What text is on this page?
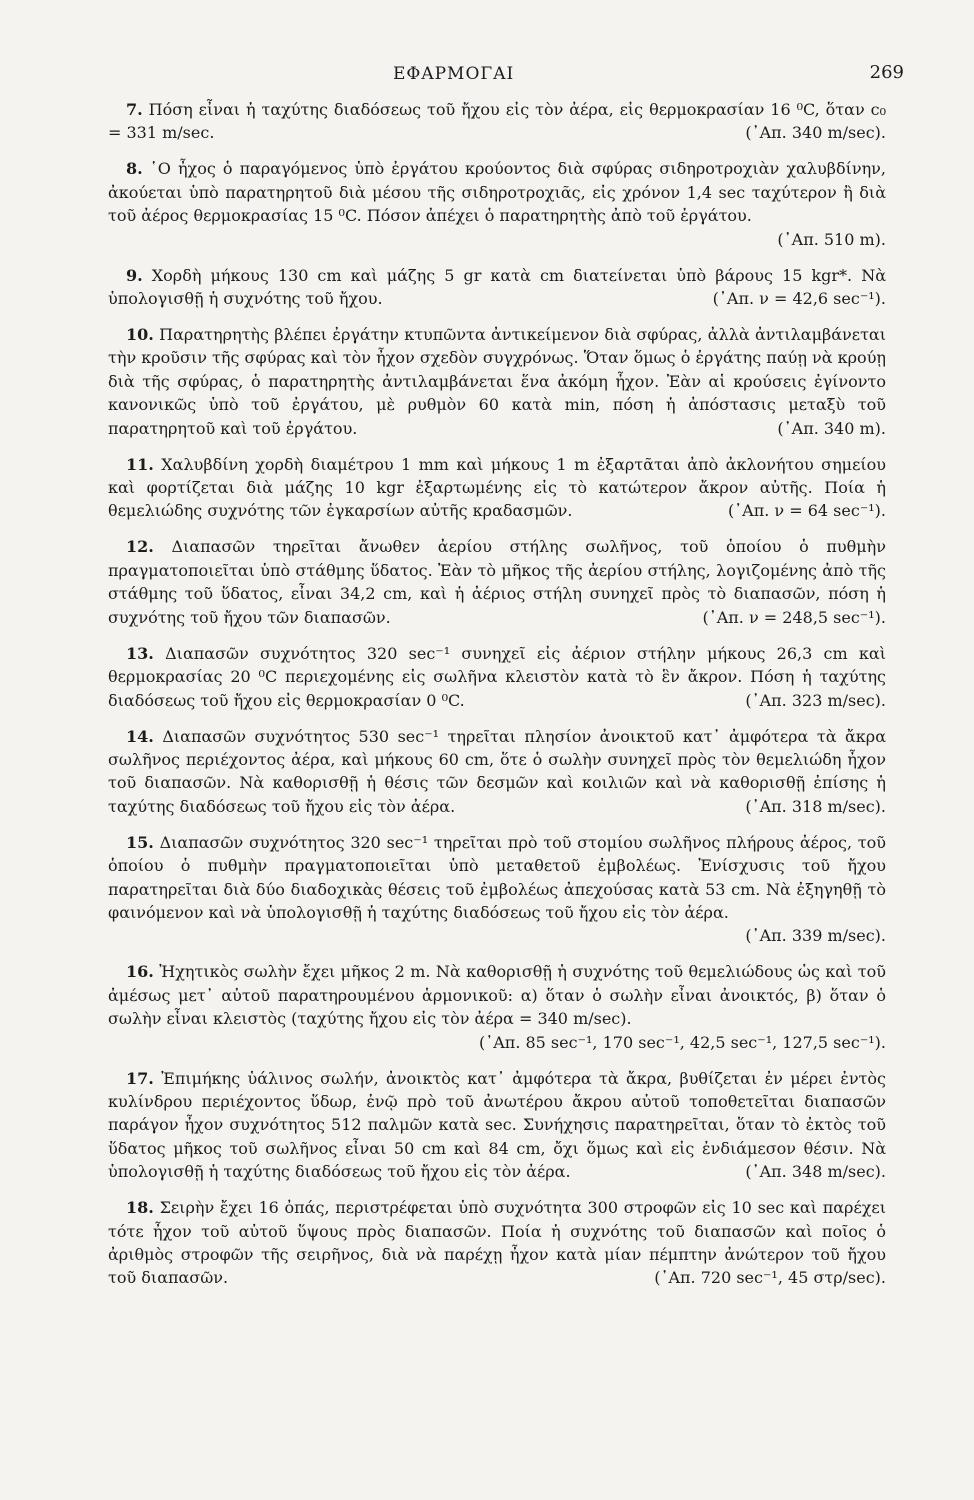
ΕΦΑΡΜΟΓΑΙ	269
7. Πόση εἶναι ἡ ταχύτης διαδόσεως τοῦ ἤχου εἰς τὸν ἀέρα, εἰς θερμοκρασίαν 16 ⁰C, ὅταν c₀ = 331 m/sec.	(᾽Απ. 340 m/sec).
8. ῾Ο ἦχος ὁ παραγόμενος ὑπὸ ἐργάτου κρούοντος διὰ σφύρας σιδηροτροχιὰν χαλυβδίνην, ἀκούεται ὑπὸ παρατηρητοῦ διὰ μέσου τῆς σιδηροτροχιᾶς, εἰς χρόνον 1,4 sec ταχύτερον ἢ διὰ τοῦ ἀέρος θερμοκρασίας 15 ⁰C. Πόσον ἀπέχει ὁ παρατηρητὴς ἀπὸ τοῦ ἐργάτου.
(᾽Απ. 510 m).
9. Χορδὴ μήκους 130 cm καὶ μάζης 5 gr κατὰ cm διατείνεται ὑπὸ βάρους 15 kgr*. Νὰ ὑπολογισθῇ ἡ συχνότης τοῦ ἤχου.	(᾽Απ. ν = 42,6 sec⁻¹).
10. Παρατηρητὴς βλέπει ἐργάτην κτυπῶντα ἀντικείμενον διὰ σφύρας, ἀλλὰ ἀντιλαμβάνεται τὴν κροῦσιν τῆς σφύρας καὶ τὸν ἦχον σχεδὸν συγχρόνως. Ὅταν ὅμως ὁ ἐργάτης παύῃ νὰ κρούῃ διὰ τῆς σφύρας, ὁ παρατηρητὴς ἀντιλαμβάνεται ἕνα ἀκόμη ἦχον. Ἐὰν αἱ κρούσεις ἐγίνοντο κανονικῶς ὑπὸ τοῦ ἐργάτου, μὲ ρυθμὸν 60 κατὰ min, πόση ἡ ἀπόστασις μεταξὺ τοῦ παρατηρητοῦ καὶ τοῦ ἐργάτου.	(᾽Απ. 340 m).
11. Χαλυβδίνη χορδὴ διαμέτρου 1 mm καὶ μήκους 1 m ἐξαρτᾶται ἀπὸ ἀκλονήτου σημείου καὶ φορτίζεται διὰ μάζης 10 kgr ἐξαρτωμένης εἰς τὸ κατώτερον ἄκρον αὐτῆς. Ποία ἡ θεμελιώδης συχνότης τῶν ἐγκαρσίων αὐτῆς κραδασμῶν.	(᾽Απ. ν = 64 sec⁻¹).
12. Διαπασῶν τηρεῖται ἄνωθεν ἀερίου στήλης σωλῆνος, τοῦ ὁποίου ὁ πυθμὴν πραγματοποιεῖται ὑπὸ στάθμης ὕδατος. Ἐὰν τὸ μῆκος τῆς ἀερίου στήλης, λογιζομένης ἀπὸ τῆς στάθμης τοῦ ὕδατος, εἶναι 34,2 cm, καὶ ἡ ἀέριος στήλη συνηχεῖ πρὸς τὸ διαπασῶν, πόση ἡ συχνότης τοῦ ἤχου τῶν διαπασῶν.	(᾽Απ. ν = 248,5 sec⁻¹).
13. Διαπασῶν συχνότητος 320 sec⁻¹ συνηχεῖ εἰς ἀέριον στήλην μήκους 26,3 cm καὶ θερμοκρασίας 20 ⁰C περιεχομένης εἰς σωλῆνα κλειστὸν κατὰ τὸ ἓν ἄκρον. Πόση ἡ ταχύτης διαδόσεως τοῦ ἤχου εἰς θερμοκρασίαν 0 ⁰C.	(᾽Απ. 323 m/sec).
14. Διαπασῶν συχνότητος 530 sec⁻¹ τηρεῖται πλησίον ἀνοικτοῦ κατ᾽ ἀμφότερα τὰ ἄκρα σωλῆνος περιέχοντος ἀέρα, καὶ μήκους 60 cm, ὅτε ὁ σωλὴν συνηχεῖ πρὸς τὸν θεμελιώδη ἦχον τοῦ διαπασῶν. Νὰ καθορισθῇ ἡ θέσις τῶν δεσμῶν καὶ κοιλιῶν καὶ νὰ καθορισθῇ ἐπίσης ἡ ταχύτης διαδόσεως τοῦ ἤχου εἰς τὸν ἀέρα.	(᾽Απ. 318 m/sec).
15. Διαπασῶν συχνότητος 320 sec⁻¹ τηρεῖται πρὸ τοῦ στομίου σωλῆνος πλήρους ἀέρος, τοῦ ὁποίου ὁ πυθμὴν πραγματοποιεῖται ὑπὸ μεταθετοῦ ἐμβολέως. Ἐνίσχυσις τοῦ ἤχου παρατηρεῖται διὰ δύο διαδοχικὰς θέσεις τοῦ ἐμβολέως ἀπεχούσας κατὰ 53 cm. Νὰ ἐξηγηθῇ τὸ φαινόμενον καὶ νὰ ὑπολογισθῇ ἡ ταχύτης διαδόσεως τοῦ ἤχου εἰς τὸν ἀέρα.
(᾽Απ. 339 m/sec).
16. Ἠχητικὸς σωλὴν ἔχει μῆκος 2 m. Νὰ καθορισθῇ ἡ συχνότης τοῦ θεμελιώδους ὡς καὶ τοῦ ἀμέσως μετ᾽ αὐτοῦ παρατηρουμένου ἁρμονικοῦ: α) ὅταν ὁ σωλὴν εἶναι ἀνοικτός, β) ὅταν ὁ σωλὴν εἶναι κλειστὸς (ταχύτης ἤχου εἰς τὸν ἀέρα = 340 m/sec).
(᾽Απ. 85 sec⁻¹, 170 sec⁻¹, 42,5 sec⁻¹, 127,5 sec⁻¹).
17. Ἐπιμήκης ὑάλινος σωλήν, ἀνοικτὸς κατ᾽ ἀμφότερα τὰ ἄκρα, βυθίζεται ἐν μέρει ἐντὸς κυλίνδρου περιέχοντος ὕδωρ, ἐνῷ πρὸ τοῦ ἀνωτέρου ἄκρου αὐτοῦ τοποθετεῖται διαπασῶν παράγον ἦχον συχνότητος 512 παλμῶν κατὰ sec. Συνήχησις παρατηρεῖται, ὅταν τὸ ἐκτὸς τοῦ ὕδατος μῆκος τοῦ σωλῆνος εἶναι 50 cm καὶ 84 cm, ὄχι ὅμως καὶ εἰς ἐνδιάμεσον θέσιν. Νὰ ὑπολογισθῇ ἡ ταχύτης διαδόσεως τοῦ ἤχου εἰς τὸν ἀέρα.	(᾽Απ. 348 m/sec).
18. Σειρὴν ἔχει 16 ὀπάς, περιστρέφεται ὑπὸ συχνότητα 300 στροφῶν εἰς 10 sec καὶ παρέχει τότε ἦχον τοῦ αὐτοῦ ὕψους πρὸς διαπασῶν. Ποία ἡ συχνότης τοῦ διαπασῶν καὶ ποῖος ὁ ἀριθμὸς στροφῶν τῆς σειρῆνος, διὰ νὰ παρέχῃ ἦχον κατὰ μίαν πέμπτην ἀνώτερον τοῦ ἤχου τοῦ διαπασῶν.	(᾽Απ. 720 sec⁻¹, 45 στρ/sec).
